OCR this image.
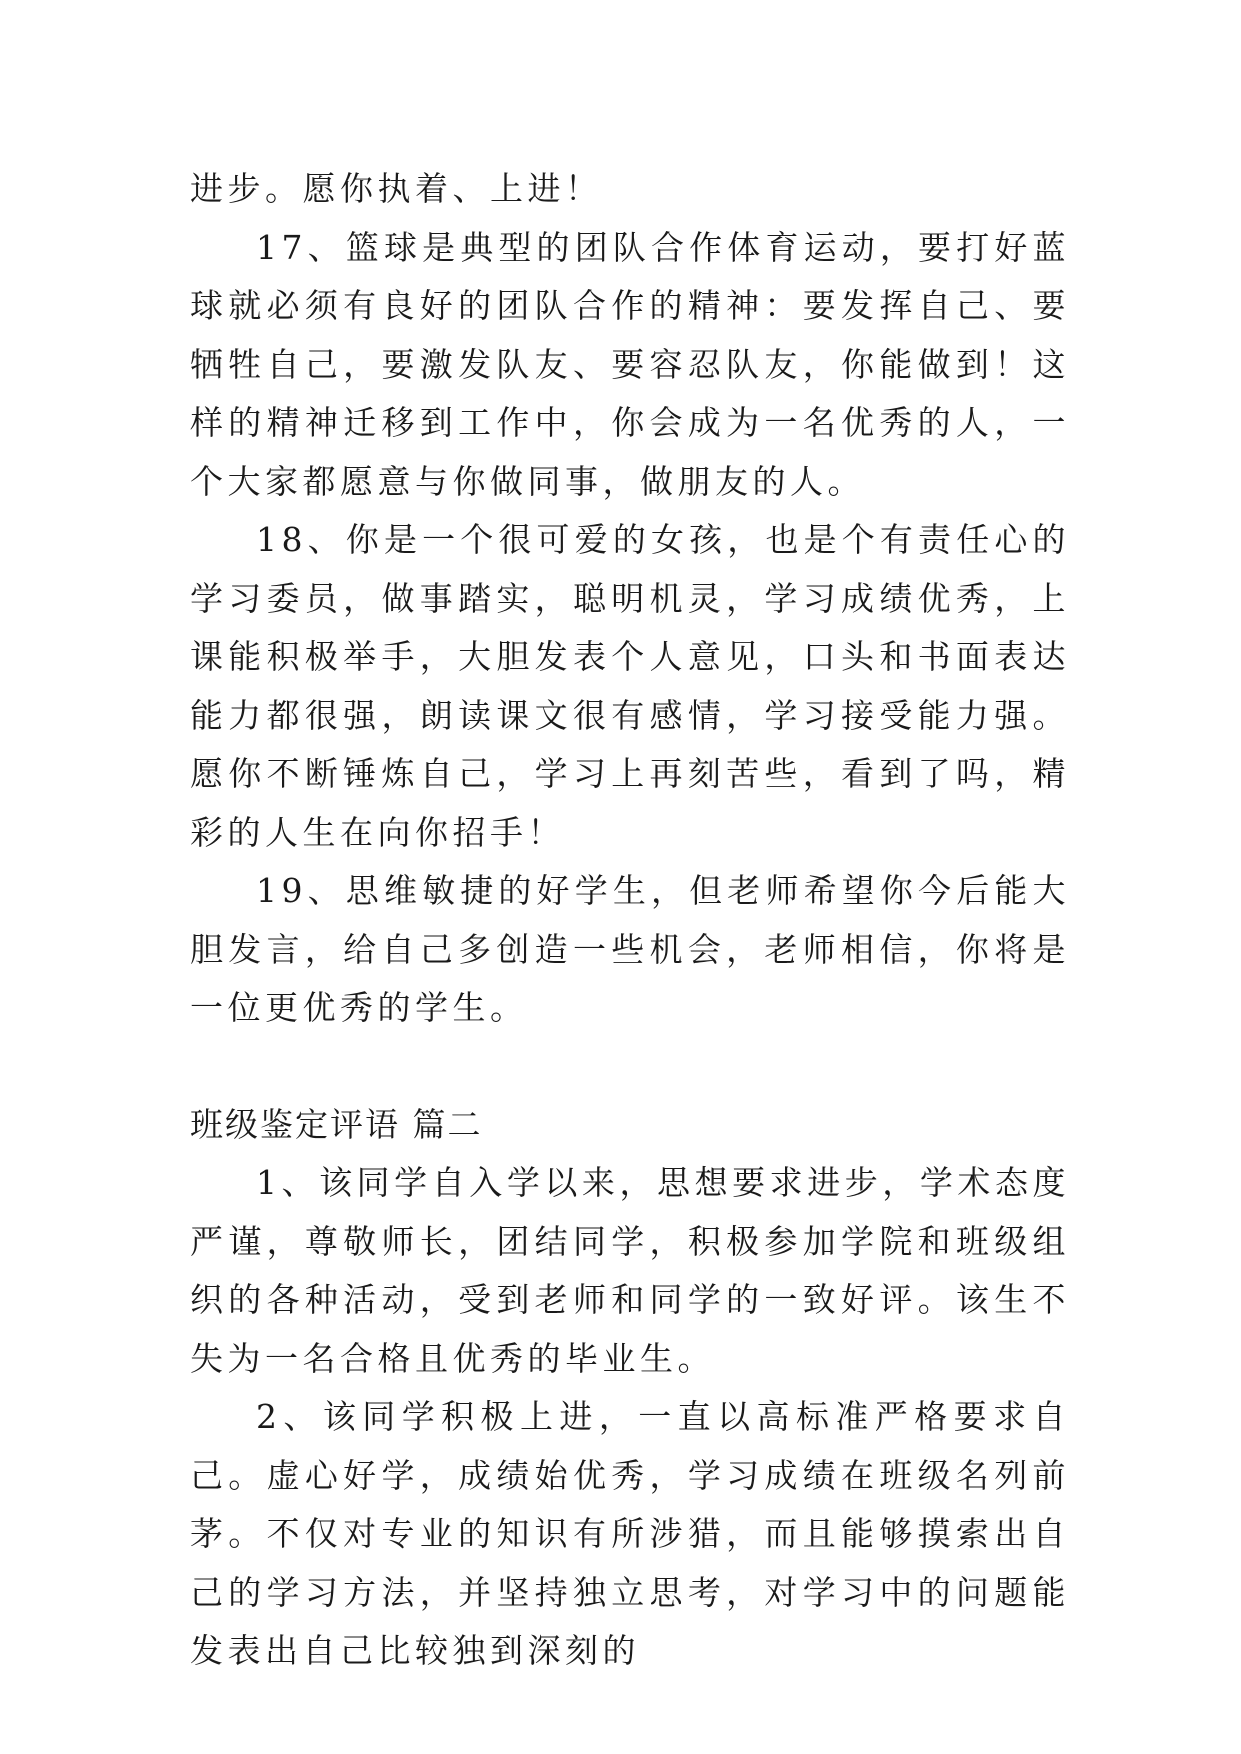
进步。愿你执着、上进！

17、篮球是典型的团队合作体育运动，要打好蓝球就必须有良好的团队合作的精神：要发挥自己、要牺牲自己，要激发队友、要容忍队友，你能做到！这样的精神迁移到工作中，你会成为一名优秀的人，一个大家都愿意与你做同事，做朋友的人。

18、你是一个很可爱的女孩，也是个有责任心的学习委员，做事踏实，聪明机灵，学习成绩优秀，上课能积极举手，大胆发表个人意见，口头和书面表达能力都很强，朗读课文很有感情，学习接受能力强。愿你不断锤炼自己，学习上再刻苦些，看到了吗，精彩的人生在向你招手！

19、思维敏捷的好学生，但老师希望你今后能大胆发言，给自己多创造一些机会，老师相信，你将是一位更优秀的学生。

班级鉴定评语 篇二

1、该同学自入学以来，思想要求进步，学术态度严谨，尊敬师长，团结同学，积极参加学院和班级组织的各种活动，受到老师和同学的一致好评。该生不失为一名合格且优秀的毕业生。

2、该同学积极上进，一直以高标准严格要求自己。虚心好学，成绩始优秀，学习成绩在班级名列前茅。不仅对专业的知识有所涉猎，而且能够摸索出自己的学习方法，并坚持独立思考，对学习中的问题能发表出自己比较独到深刻的
